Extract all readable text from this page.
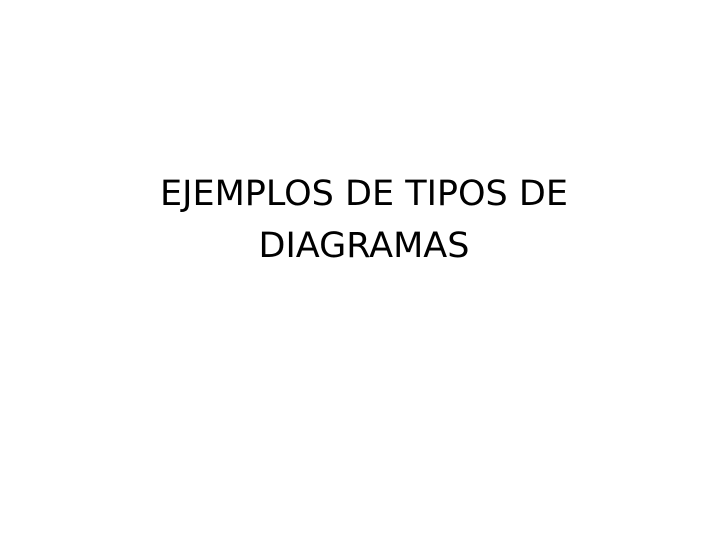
EJEMPLOS DE TIPOS DE
DIAGRAMAS
